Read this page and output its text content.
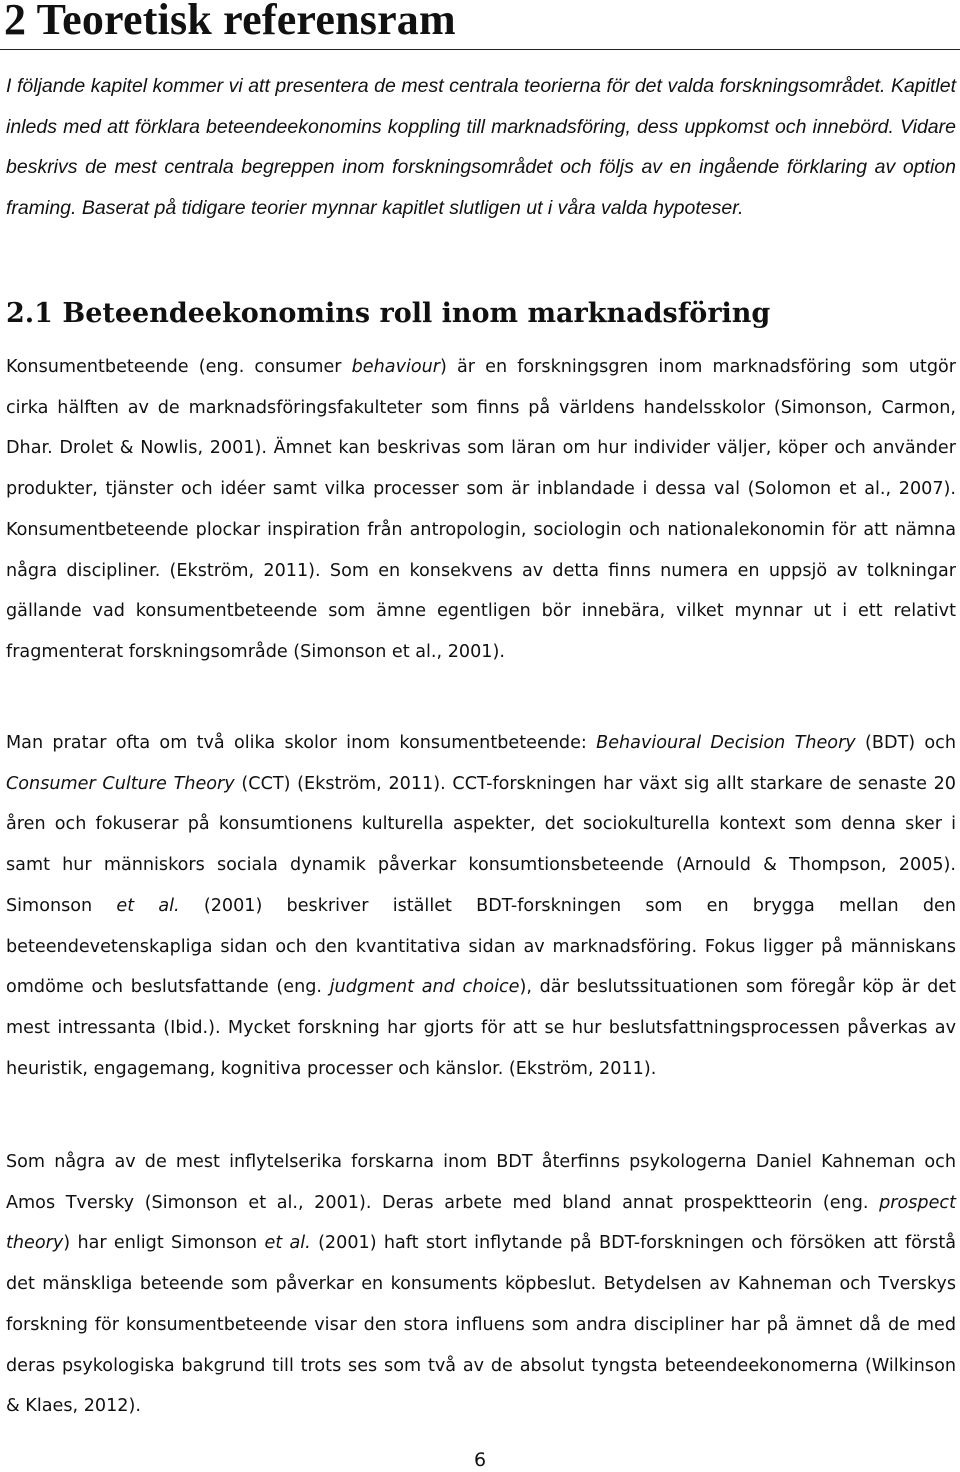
2 Teoretisk referensram

I följande kapitel kommer vi att presentera de mest centrala teorierna för det valda forskningsområdet. Kapitlet inleds med att förklara beteendeekonomins koppling till marknadsföring, dess uppkomst och innebörd. Vidare beskrivs de mest centrala begreppen inom forskningsområdet och följs av en ingående förklaring av option framing. Baserat på tidigare teorier mynnar kapitlet slutligen ut i våra valda hypoteser.

2.1 Beteendeekonomins roll inom marknadsföring

Konsumentbeteende (eng. consumer behaviour) är en forskningsgren inom marknadsföring som utgör cirka hälften av de marknadsföringsfakulteter som finns på världens handelsskolor (Simonson, Carmon, Dhar. Drolet & Nowlis, 2001). Ämnet kan beskrivas som läran om hur individer väljer, köper och använder produkter, tjänster och idéer samt vilka processer som är inblandade i dessa val (Solomon et al., 2007). Konsumentbeteende plockar inspiration från antropologin, sociologin och nationalekonomin för att nämna några discipliner. (Ekström, 2011). Som en konsekvens av detta finns numera en uppsjö av tolkningar gällande vad konsumentbeteende som ämne egentligen bör innebära, vilket mynnar ut i ett relativt fragmenterat forskningsområde (Simonson et al., 2001).

Man pratar ofta om två olika skolor inom konsumentbeteende: Behavioural Decision Theory (BDT) och Consumer Culture Theory (CCT) (Ekström, 2011). CCT-forskningen har växt sig allt starkare de senaste 20 åren och fokuserar på konsumtionens kulturella aspekter, det sociokulturella kontext som denna sker i samt hur människors sociala dynamik påverkar konsumtionsbeteende (Arnould & Thompson, 2005). Simonson et al. (2001) beskriver istället BDT-forskningen som en brygga mellan den beteendevetenskapliga sidan och den kvantitativa sidan av marknadsföring. Fokus ligger på människans omdöme och beslutsfattande (eng. judgment and choice), där beslutssituationen som föregår köp är det mest intressanta (Ibid.). Mycket forskning har gjorts för att se hur beslutsfattningsprocessen påverkas av heuristik, engagemang, kognitiva processer och känslor. (Ekström, 2011).

Som några av de mest inflytelserika forskarna inom BDT återfinns psykologerna Daniel Kahneman och Amos Tversky (Simonson et al., 2001). Deras arbete med bland annat prospektteorin (eng. prospect theory) har enligt Simonson et al. (2001) haft stort inflytande på BDT-forskningen och försöken att förstå det mänskliga beteende som påverkar en konsuments köpbeslut. Betydelsen av Kahneman och Tverskys forskning för konsumentbeteende visar den stora influens som andra discipliner har på ämnet då de med deras psykologiska bakgrund till trots ses som två av de absolut tyngsta beteendeekonomerna (Wilkinson & Klaes, 2012).

6
